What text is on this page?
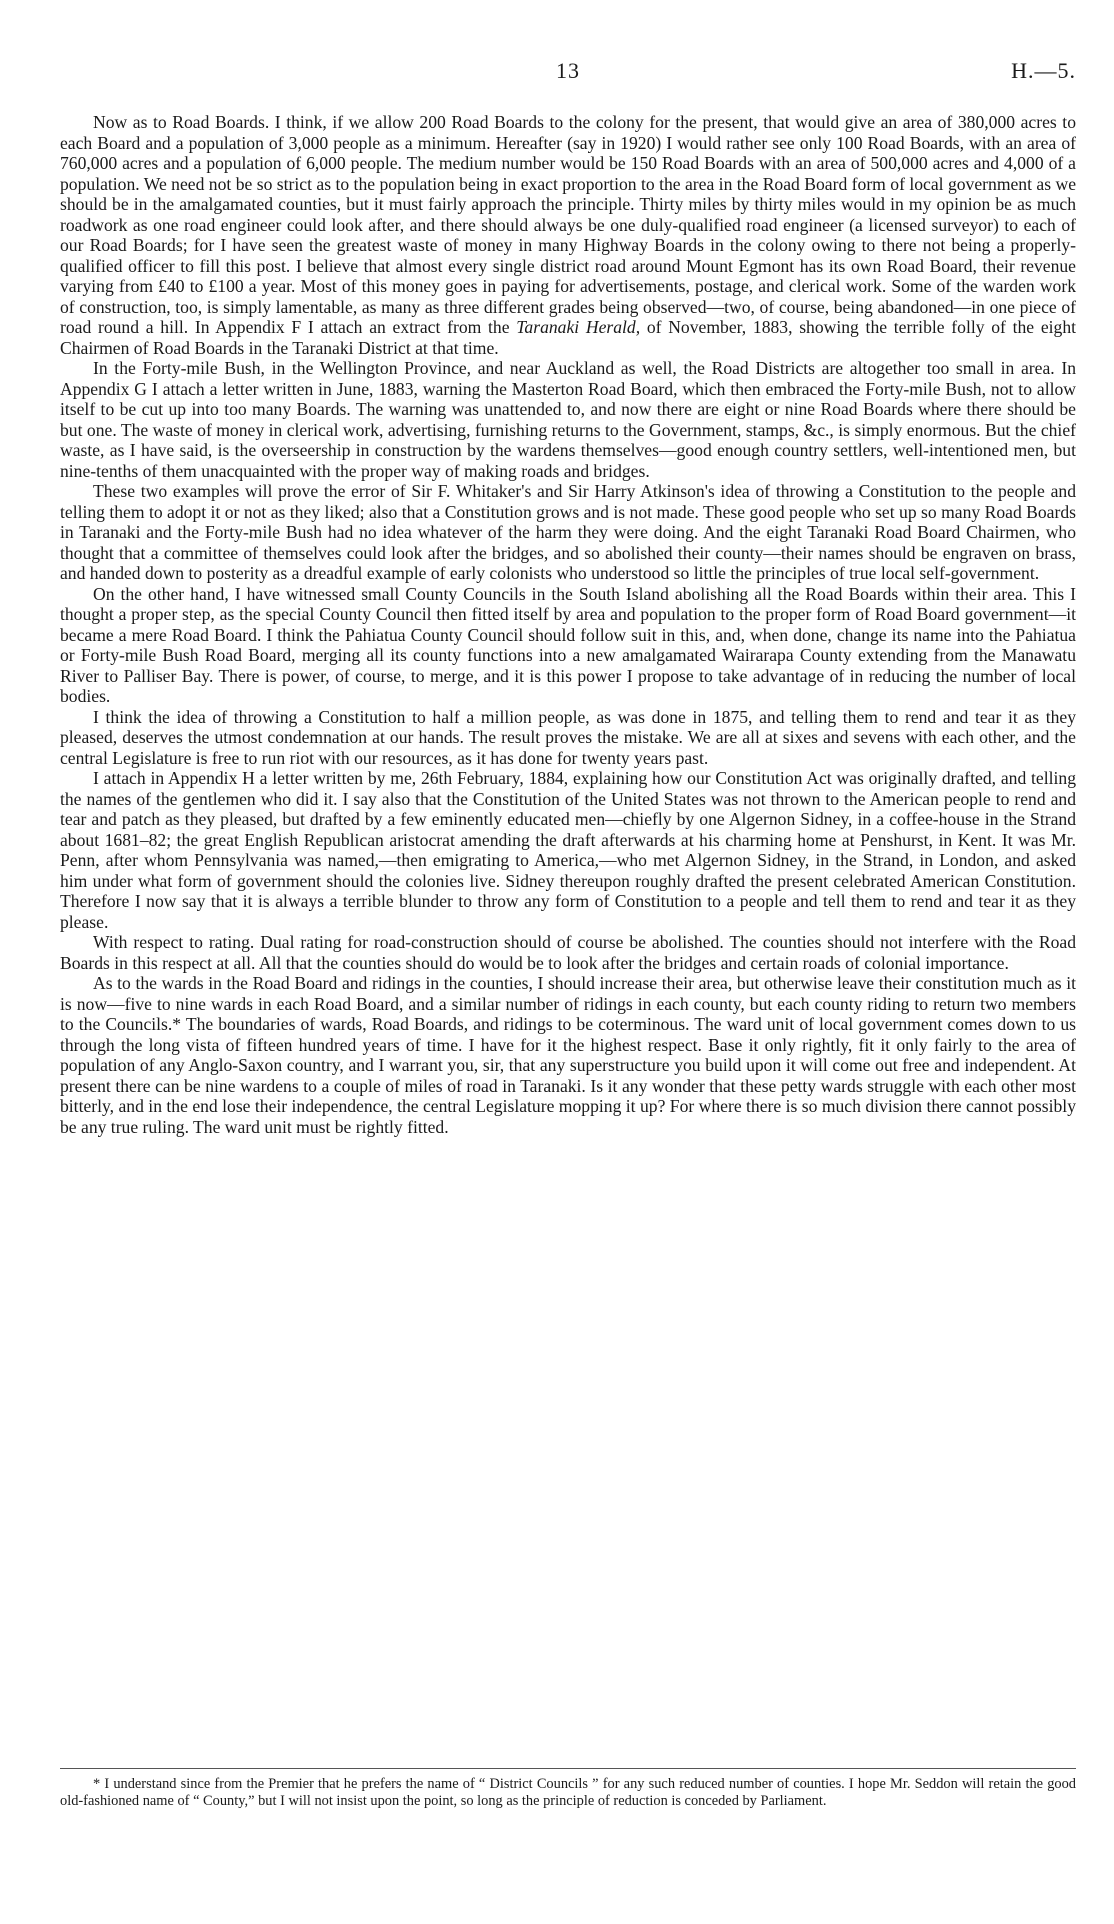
13	H.—5.

Now as to Road Boards. I think, if we allow 200 Road Boards to the colony for the present, that would give an area of 380,000 acres to each Board and a population of 3,000 people as a minimum. Hereafter (say in 1920) I would rather see only 100 Road Boards, with an area of 760,000 acres and a population of 6,000 people. The medium number would be 150 Road Boards with an area of 500,000 acres and 4,000 of a population. We need not be so strict as to the population being in exact proportion to the area in the Road Board form of local government as we should be in the amalgamated counties, but it must fairly approach the principle. Thirty miles by thirty miles would in my opinion be as much roadwork as one road engineer could look after, and there should always be one duly-qualified road engineer (a licensed surveyor) to each of our Road Boards; for I have seen the greatest waste of money in many Highway Boards in the colony owing to there not being a properly-qualified officer to fill this post. I believe that almost every single district road around Mount Egmont has its own Road Board, their revenue varying from £40 to £100 a year. Most of this money goes in paying for advertisements, postage, and clerical work. Some of the warden work of construction, too, is simply lamentable, as many as three different grades being observed—two, of course, being abandoned—in one piece of road round a hill. In Appendix F I attach an extract from the Taranaki Herald, of November, 1883, showing the terrible folly of the eight Chairmen of Road Boards in the Taranaki District at that time.

In the Forty-mile Bush, in the Wellington Province, and near Auckland as well, the Road Districts are altogether too small in area. In Appendix G I attach a letter written in June, 1883, warning the Masterton Road Board, which then embraced the Forty-mile Bush, not to allow itself to be cut up into too many Boards. The warning was unattended to, and now there are eight or nine Road Boards where there should be but one. The waste of money in clerical work, advertising, furnishing returns to the Government, stamps, &c., is simply enormous. But the chief waste, as I have said, is the overseership in construction by the wardens themselves—good enough country settlers, well-intentioned men, but nine-tenths of them unacquainted with the proper way of making roads and bridges.

These two examples will prove the error of Sir F. Whitaker's and Sir Harry Atkinson's idea of throwing a Constitution to the people and telling them to adopt it or not as they liked; also that a Constitution grows and is not made. These good people who set up so many Road Boards in Taranaki and the Forty-mile Bush had no idea whatever of the harm they were doing. And the eight Taranaki Road Board Chairmen, who thought that a committee of themselves could look after the bridges, and so abolished their county—their names should be engraven on brass, and handed down to posterity as a dreadful example of early colonists who understood so little the principles of true local self-government.

On the other hand, I have witnessed small County Councils in the South Island abolishing all the Road Boards within their area. This I thought a proper step, as the special County Council then fitted itself by area and population to the proper form of Road Board government—it became a mere Road Board. I think the Pahiatua County Council should follow suit in this, and, when done, change its name into the Pahiatua or Forty-mile Bush Road Board, merging all its county functions into a new amalgamated Wairarapa County extending from the Manawatu River to Palliser Bay. There is power, of course, to merge, and it is this power I propose to take advantage of in reducing the number of local bodies.

I think the idea of throwing a Constitution to half a million people, as was done in 1875, and telling them to rend and tear it as they pleased, deserves the utmost condemnation at our hands. The result proves the mistake. We are all at sixes and sevens with each other, and the central Legislature is free to run riot with our resources, as it has done for twenty years past.

I attach in Appendix H a letter written by me, 26th February, 1884, explaining how our Constitution Act was originally drafted, and telling the names of the gentlemen who did it. I say also that the Constitution of the United States was not thrown to the American people to rend and tear and patch as they pleased, but drafted by a few eminently educated men—chiefly by one Algernon Sidney, in a coffee-house in the Strand about 1681–82; the great English Republican aristocrat amending the draft afterwards at his charming home at Penshurst, in Kent. It was Mr. Penn, after whom Pennsylvania was named,—then emigrating to America,—who met Algernon Sidney, in the Strand, in London, and asked him under what form of government should the colonies live. Sidney thereupon roughly drafted the present celebrated American Constitution. Therefore I now say that it is always a terrible blunder to throw any form of Constitution to a people and tell them to rend and tear it as they please.

With respect to rating. Dual rating for road-construction should of course be abolished. The counties should not interfere with the Road Boards in this respect at all. All that the counties should do would be to look after the bridges and certain roads of colonial importance.

As to the wards in the Road Board and ridings in the counties, I should increase their area, but otherwise leave their constitution much as it is now—five to nine wards in each Road Board, and a similar number of ridings in each county, but each county riding to return two members to the Councils.* The boundaries of wards, Road Boards, and ridings to be coterminous. The ward unit of local government comes down to us through the long vista of fifteen hundred years of time. I have for it the highest respect. Base it only rightly, fit it only fairly to the area of population of any Anglo-Saxon country, and I warrant you, sir, that any superstructure you build upon it will come out free and independent. At present there can be nine wardens to a couple of miles of road in Taranaki. Is it any wonder that these petty wards struggle with each other most bitterly, and in the end lose their independence, the central Legislature mopping it up? For where there is so much division there cannot possibly be any true ruling. The ward unit must be rightly fitted.

* I understand since from the Premier that he prefers the name of “ District Councils ” for any such reduced number of counties. I hope Mr. Seddon will retain the good old-fashioned name of “ County,” but I will not insist upon the point, so long as the principle of reduction is conceded by Parliament.
